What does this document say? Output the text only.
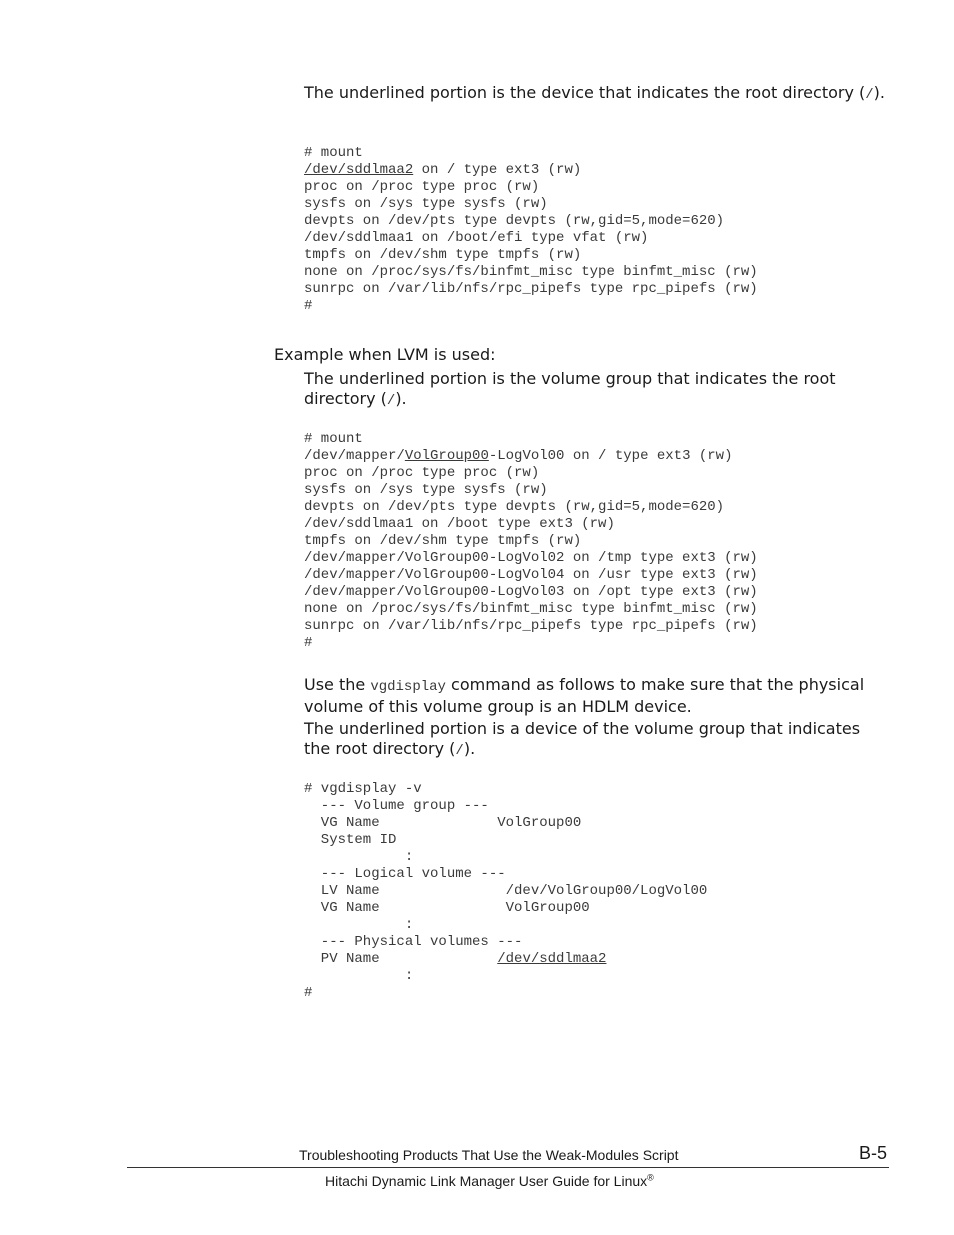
The underlined portion is the device that indicates the root directory (/).

# mount
/dev/sddlmaa2 on / type ext3 (rw)
proc on /proc type proc (rw)
sysfs on /sys type sysfs (rw)
devpts on /dev/pts type devpts (rw,gid=5,mode=620)
/dev/sddlmaa1 on /boot/efi type vfat (rw)
tmpfs on /dev/shm type tmpfs (rw)
none on /proc/sys/fs/binfmt_misc type binfmt_misc (rw)
sunrpc on /var/lib/nfs/rpc_pipefs type rpc_pipefs (rw)
#

Example when LVM is used:

The underlined portion is the volume group that indicates the root directory (/).

# mount
/dev/mapper/VolGroup00-LogVol00 on / type ext3 (rw)
proc on /proc type proc (rw)
sysfs on /sys type sysfs (rw)
devpts on /dev/pts type devpts (rw,gid=5,mode=620)
/dev/sddlmaa1 on /boot type ext3 (rw)
tmpfs on /dev/shm type tmpfs (rw)
/dev/mapper/VolGroup00-LogVol02 on /tmp type ext3 (rw)
/dev/mapper/VolGroup00-LogVol04 on /usr type ext3 (rw)
/dev/mapper/VolGroup00-LogVol03 on /opt type ext3 (rw)
none on /proc/sys/fs/binfmt_misc type binfmt_misc (rw)
sunrpc on /var/lib/nfs/rpc_pipefs type rpc_pipefs (rw)
#

Use the vgdisplay command as follows to make sure that the physical volume of this volume group is an HDLM device.

The underlined portion is a device of the volume group that indicates the root directory (/).

# vgdisplay -v
--- Volume group ---
VG Name              VolGroup00
System ID
:
--- Logical volume ---
LV Name               /dev/VolGroup00/LogVol00
VG Name               VolGroup00
:
--- Physical volumes ---
PV Name              /dev/sddlmaa2
:
#
Troubleshooting Products That Use the Weak-Modules Script	B-5
Hitachi Dynamic Link Manager User Guide for Linux®
